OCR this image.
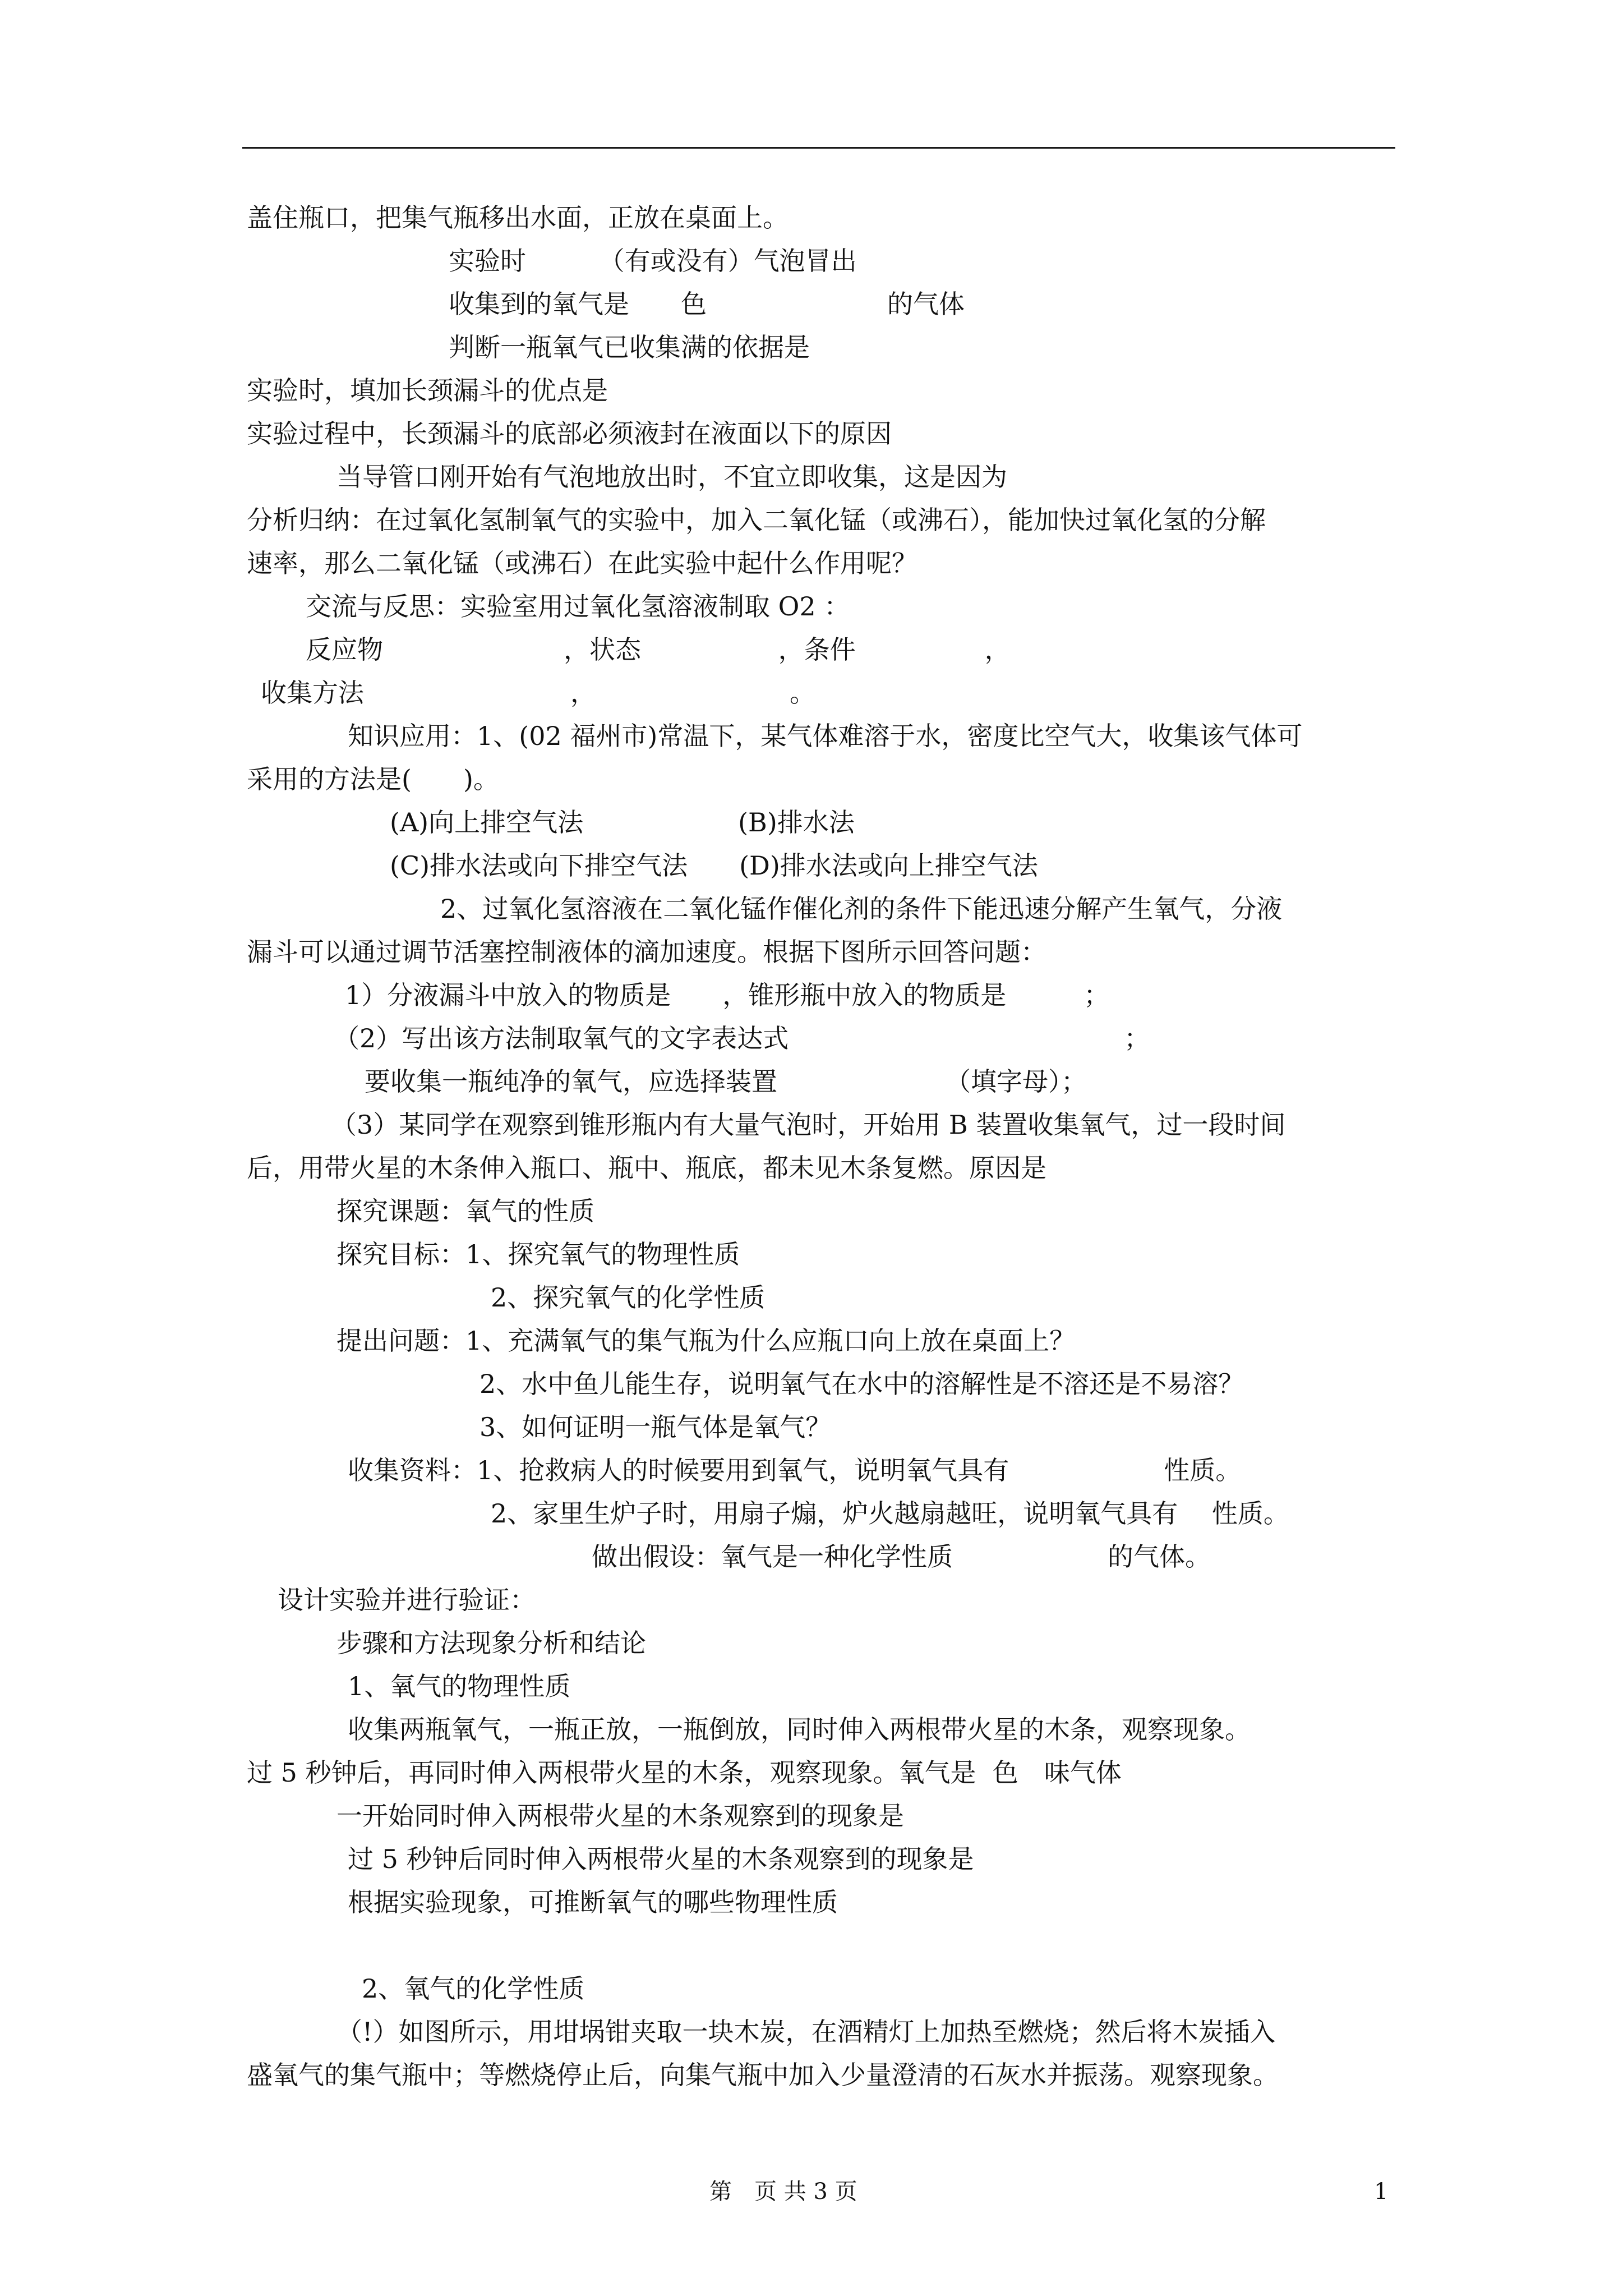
盖住瓶口，把集气瓶移出水面，正放在桌面上。
实验时 　　　（有或没有）气泡冒出
收集到的氧气是　　色　　　　　　　的气体
判断一瓶氧气已收集满的依据是
实验时，填加长颈漏斗的优点是
实验过程中，长颈漏斗的底部必须液封在液面以下的原因
当导管口刚开始有气泡地放出时，不宜立即收集，这是因为
分析归纳：在过氧化氢制氧气的实验中，加入二氧化锰（或沸石），能加快过氧化氢的分解
速率，那么二氧化锰（或沸石）在此实验中起什么作用呢？
交流与反思：实验室用过氧化氢溶液制取 O2 ：
反应物　　　　　　　，状态　　　　　 ，条件　　　　　，
收集方法　　　　　　　　，　　　　　　　　。
知识应用：1、(02 福州市)常温下，某气体难溶于水，密度比空气大，收集该气体可
采用的方法是(　　)。
(A)向上排空气法　　　　　　(B)排水法
(C)排水法或向下排空气法　　(D)排水法或向上排空气法
2、过氧化氢溶液在二氧化锰作催化剂的条件下能迅速分解产生氧气，分液
漏斗可以通过调节活塞控制液体的滴加速度。根据下图所示回答问题：
1）分液漏斗中放入的物质是　　，锥形瓶中放入的物质是　　　；
（2）写出该方法制取氧气的文字表达式　　　　　　　　　　　　　；
要收集一瓶纯净的氧气，应选择装置　　　　　　　（填字母）；
（3）某同学在观察到锥形瓶内有大量气泡时，开始用 B 装置收集氧气，过一段时间
后，用带火星的木条伸入瓶口、瓶中、瓶底，都未见木条复燃。原因是
探究课题：氧气的性质
探究目标：1、探究氧气的物理性质
2、探究氧气的化学性质
提出问题：1、充满氧气的集气瓶为什么应瓶口向上放在桌面上？
2、水中鱼儿能生存，说明氧气在水中的溶解性是不溶还是不易溶？
3、如何证明一瓶气体是氧气？
收集资料：1、抢救病人的时候要用到氧气，说明氧气具有　　　　　　性质。
2、家里生炉子时，用扇子煽，炉火越扇越旺，说明氧气具有　 性质。
做出假设：氧气是一种化学性质　　　　　　的气体。
设计实验并进行验证：
步骤和方法现象分析和结论
1、氧气的物理性质
收集两瓶氧气，一瓶正放，一瓶倒放，同时伸入两根带火星的木条，观察现象。
过 5 秒钟后，再同时伸入两根带火星的木条，观察现象。氧气是  色　味气体
一开始同时伸入两根带火星的木条观察到的现象是
过 5 秒钟后同时伸入两根带火星的木条观察到的现象是
根据实验现象，可推断氧气的哪些物理性质
2、氧气的化学性质
（!）如图所示，用坩埚钳夹取一块木炭，在酒精灯上加热至燃烧；然后将木炭插入
盛氧气的集气瓶中；等燃烧停止后，向集气瓶中加入少量澄清的石灰水并振荡。观察现象。
第　页 共 3 页	1
